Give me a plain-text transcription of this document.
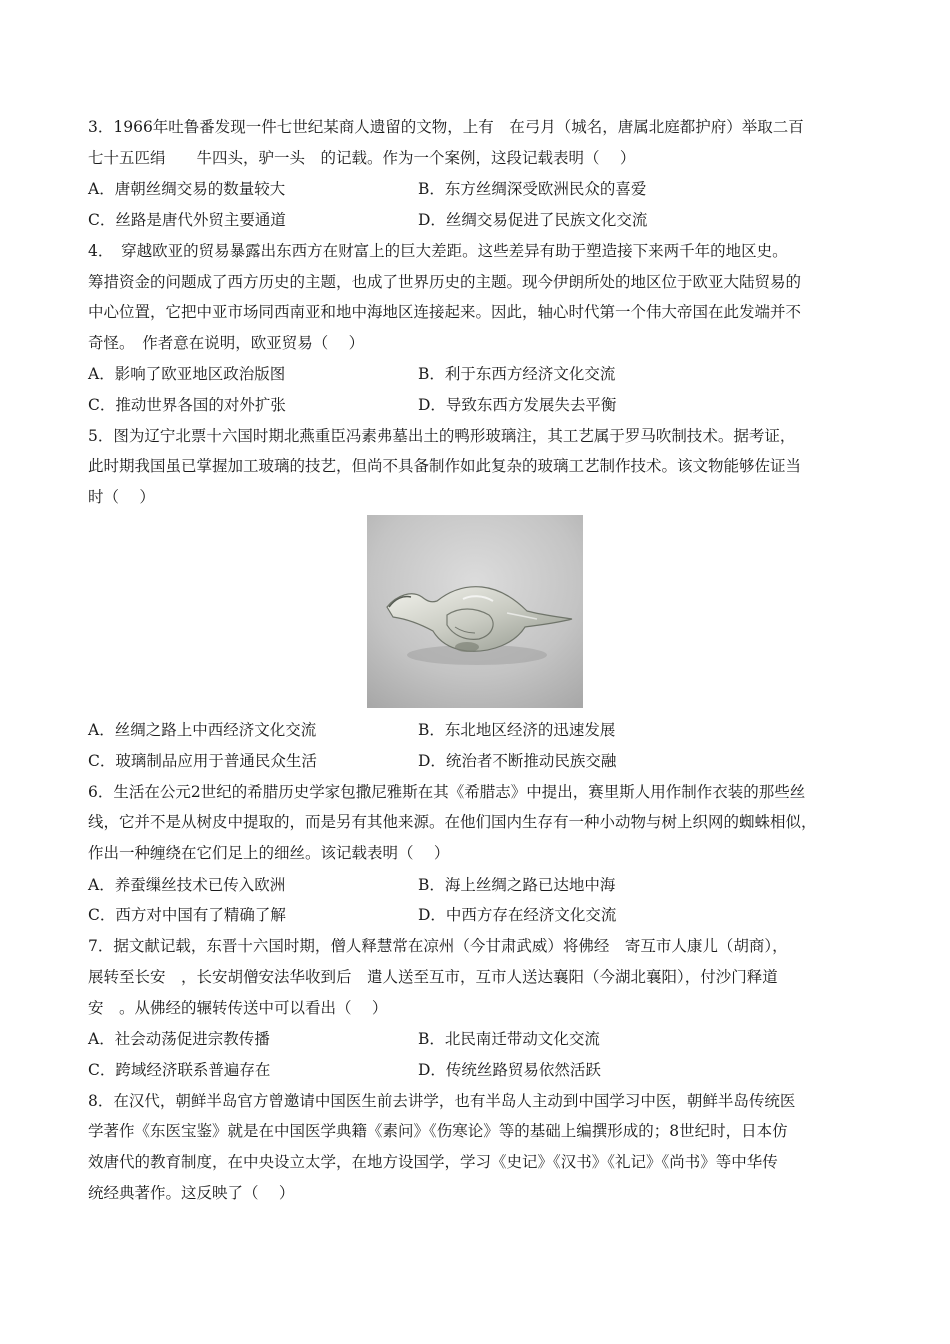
3．1966年吐鲁番发现一件七世纪某商人遗留的文物，上有　在弓月（城名，唐属北庭都护府）举取二百
七十五匹绢　　牛四头，驴一头　的记载。作为一个案例，这段记载表明（　 ）
A．唐朝丝绸交易的数量较大	B．东方丝绸深受欧洲民众的喜爱
C．丝路是唐代外贸主要通道	D．丝绸交易促进了民族文化交流
4．　穿越欧亚的贸易暴露出东西方在财富上的巨大差距。这些差异有助于塑造接下来两千年的地区史。
筹措资金的问题成了西方历史的主题，也成了世界历史的主题。现今伊朗所处的地区位于欧亚大陆贸易的
中心位置，它把中亚市场同西南亚和地中海地区连接起来。因此，轴心时代第一个伟大帝国在此发端并不
奇怪。　作者意在说明，欧亚贸易（　 ）
A．影响了欧亚地区政治版图	B．利于东西方经济文化交流
C．推动世界各国的对外扩张	D．导致东西方发展失去平衡
5．图为辽宁北票十六国时期北燕重臣冯素弗墓出土的鸭形玻璃注，其工艺属于罗马吹制技术。据考证，
此时期我国虽已掌握加工玻璃的技艺，但尚不具备制作如此复杂的玻璃工艺制作技术。该文物能够佐证当
时（　 ）
A．丝绸之路上中西经济文化交流	B．东北地区经济的迅速发展
C．玻璃制品应用于普通民众生活	D．统治者不断推动民族交融
6．生活在公元2世纪的希腊历史学家包撒尼雅斯在其《希腊志》中提出，赛里斯人用作制作衣装的那些丝
线，它并不是从树皮中提取的，而是另有其他来源。在他们国内生存有一种小动物与树上织网的蜘蛛相似，
作出一种缠绕在它们足上的细丝。该记载表明（　 ）
A．养蚕缫丝技术已传入欧洲	B．海上丝绸之路已达地中海
C．西方对中国有了精确了解	D．中西方存在经济文化交流
7．据文献记载，东晋十六国时期，僧人释慧常在凉州（今甘肃武威）将佛经　寄互市人康儿（胡商），
展转至长安　，长安胡僧安法华收到后　遣人送至互市，互市人送达襄阳（今湖北襄阳），付沙门释道
安　。从佛经的辗转传送中可以看出（　 ）
A．社会动荡促进宗教传播	B．北民南迁带动文化交流
C．跨域经济联系普遍存在	D．传统丝路贸易依然活跃
8．在汉代，朝鲜半岛官方曾邀请中国医生前去讲学，也有半岛人主动到中国学习中医，朝鲜半岛传统医
学著作《东医宝鉴》就是在中国医学典籍《素问》《伤寒论》等的基础上编撰形成的；8世纪时，日本仿
效唐代的教育制度，在中央设立太学，在地方设国学，学习《史记》《汉书》《礼记》《尚书》等中华传
统经典著作。这反映了（　 ）
